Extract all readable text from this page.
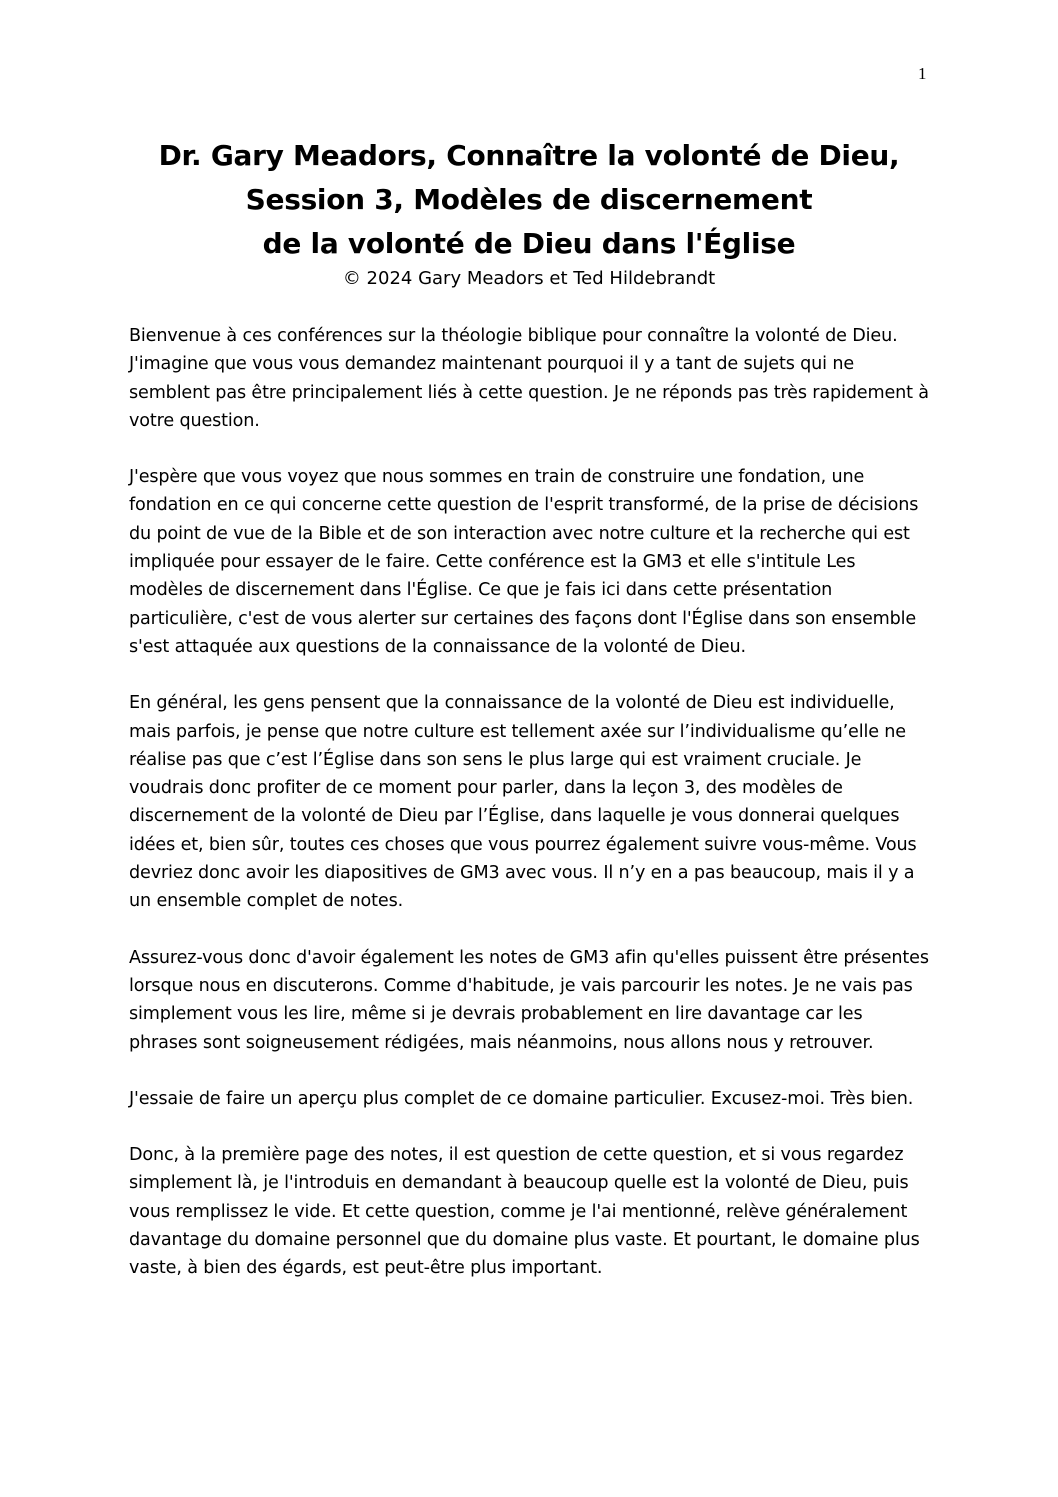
1
Dr. Gary Meadors, Connaître la volonté de Dieu,
Session 3, Modèles de discernement
de la volonté de Dieu dans l'Église
© 2024 Gary Meadors et Ted Hildebrandt

Bienvenue à ces conférences sur la théologie biblique pour connaître la volonté de Dieu. J'imagine que vous vous demandez maintenant pourquoi il y a tant de sujets qui ne semblent pas être principalement liés à cette question. Je ne réponds pas très rapidement à votre question.

J'espère que vous voyez que nous sommes en train de construire une fondation, une fondation en ce qui concerne cette question de l'esprit transformé, de la prise de décisions du point de vue de la Bible et de son interaction avec notre culture et la recherche qui est impliquée pour essayer de le faire. Cette conférence est la GM3 et elle s'intitule Les modèles de discernement dans l'Église. Ce que je fais ici dans cette présentation particulière, c'est de vous alerter sur certaines des façons dont l'Église dans son ensemble s'est attaquée aux questions de la connaissance de la volonté de Dieu.

En général, les gens pensent que la connaissance de la volonté de Dieu est individuelle, mais parfois, je pense que notre culture est tellement axée sur l’individualisme qu’elle ne réalise pas que c’est l’Église dans son sens le plus large qui est vraiment cruciale. Je voudrais donc profiter de ce moment pour parler, dans la leçon 3, des modèles de discernement de la volonté de Dieu par l’Église, dans laquelle je vous donnerai quelques idées et, bien sûr, toutes ces choses que vous pourrez également suivre vous-même. Vous devriez donc avoir les diapositives de GM3 avec vous. Il n’y en a pas beaucoup, mais il y a un ensemble complet de notes.

Assurez-vous donc d'avoir également les notes de GM3 afin qu'elles puissent être présentes lorsque nous en discuterons. Comme d'habitude, je vais parcourir les notes. Je ne vais pas simplement vous les lire, même si je devrais probablement en lire davantage car les phrases sont soigneusement rédigées, mais néanmoins, nous allons nous y retrouver.

J'essaie de faire un aperçu plus complet de ce domaine particulier. Excusez-moi. Très bien.

Donc, à la première page des notes, il est question de cette question, et si vous regardez simplement là, je l'introduis en demandant à beaucoup quelle est la volonté de Dieu, puis vous remplissez le vide. Et cette question, comme je l'ai mentionné, relève généralement davantage du domaine personnel que du domaine plus vaste. Et pourtant, le domaine plus vaste, à bien des égards, est peut-être plus important.
